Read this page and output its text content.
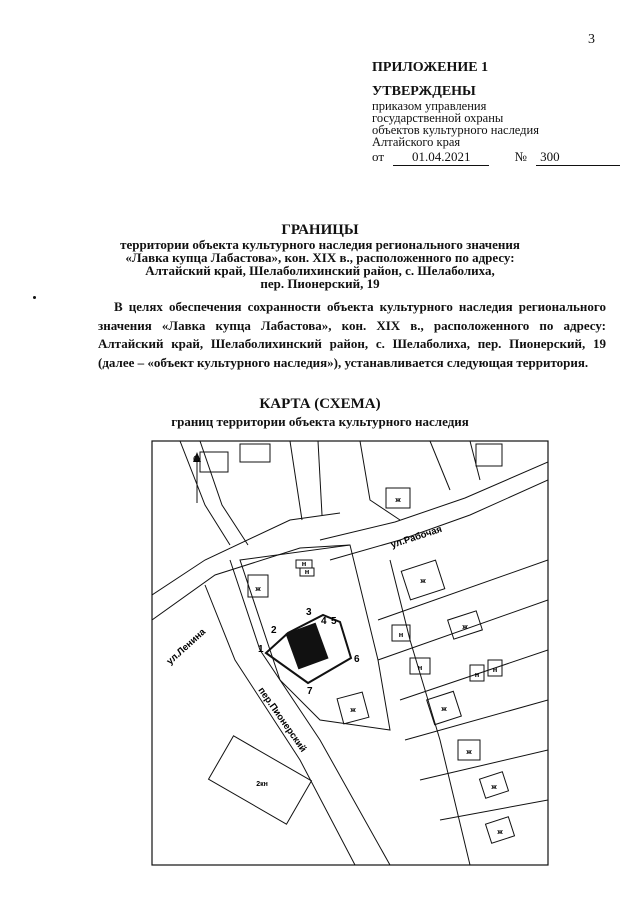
3
ПРИЛОЖЕНИЕ 1
УТВЕРЖДЕНЫ
приказом управления
государственной охраны
объектов культурного наследия
Алтайского края
от 01.04.2021	№ 300
ГРАНИЦЫ
территории объекта культурного наследия регионального значения
«Лавка купца Лабастова», кон. XIX в., расположенного по адресу:
Алтайский край, Шелаболихинский район, с. Шелаболиха,
пер. Пионерский, 19
В целях обеспечения сохранности объекта культурного наследия регионального значения «Лавка купца Лабастова», кон. XIX в., расположенного по адресу: Алтайский край, Шелаболихинский район, с. Шелаболиха, пер. Пионерский, 19 (далее – «объект культурного наследия»), устанавливается следующая территория.
КАРТА (СХЕМА)
границ территории объекта культурного наследия
С
1
2
3
4 5
6
7
ул.Рабочая
ул.Ленина
пер.Пионерский
ж
ж
ж
ж
ж
ж
ж
ж
ж
н
н
н
н
н
н
2кн
